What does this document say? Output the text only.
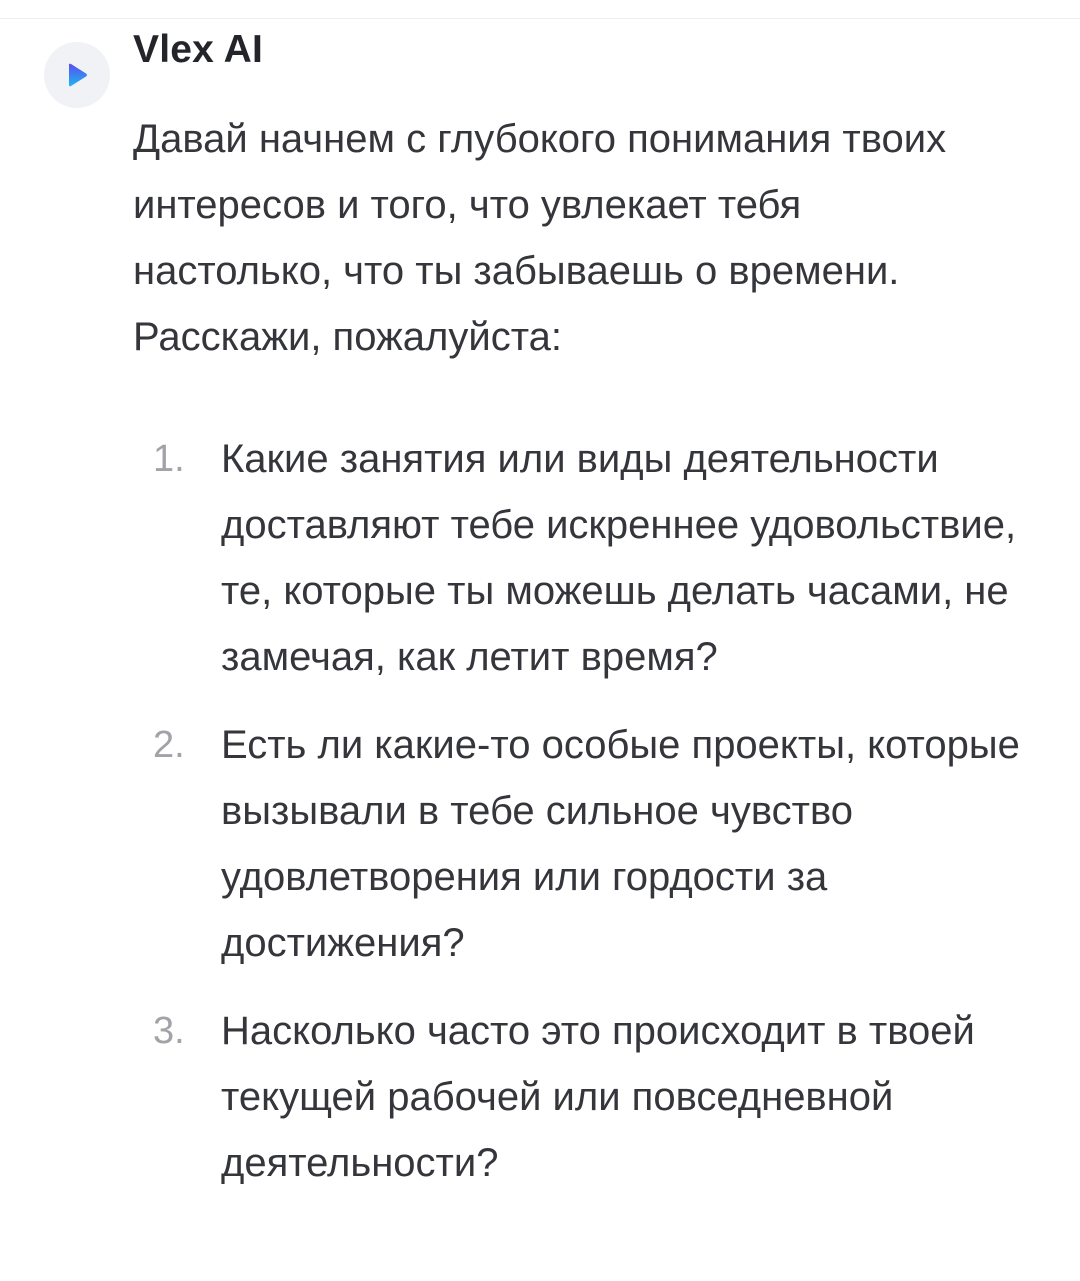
Vlex AI

Давай начнем с глубокого понимания твоих интересов и того, что увлекает тебя настолько, что ты забываешь о времени. Расскажи, пожалуйста:

1. Какие занятия или виды деятельности доставляют тебе искреннее удовольствие, те, которые ты можешь делать часами, не замечая, как летит время?
2. Есть ли какие-то особые проекты, которые вызывали в тебе сильное чувство удовлетворения или гордости за достижения?
3. Насколько часто это происходит в твоей текущей рабочей или повседневной деятельности?
